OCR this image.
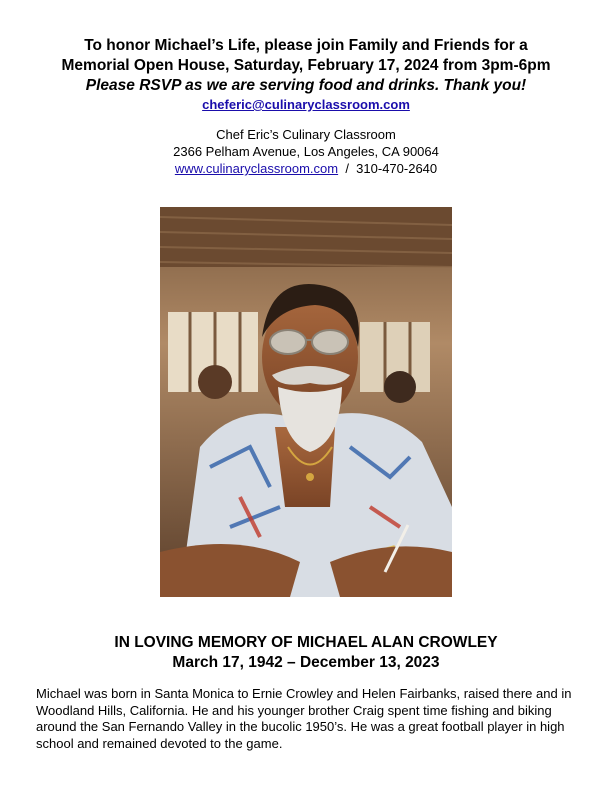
To honor Michael’s Life, please join Family and Friends for a
Memorial Open House, Saturday, February 17, 2024 from 3pm-6pm
Please RSVP as we are serving food and drinks. Thank you!
cheferic@culinaryclassroom.com
Chef Eric’s Culinary Classroom
2366 Pelham Avenue, Los Angeles, CA 90064
www.culinaryclassroom.com  /  310-470-2640
IN LOVING MEMORY OF MICHAEL ALAN CROWLEY
March 17, 1942 – December 13, 2023
Michael was born in Santa Monica to Ernie Crowley and Helen Fairbanks, raised there and in Woodland Hills, California. He and his younger brother Craig spent time fishing and biking around the San Fernando Valley in the bucolic 1950’s. He was a great football player in high school and remained devoted to the game.
